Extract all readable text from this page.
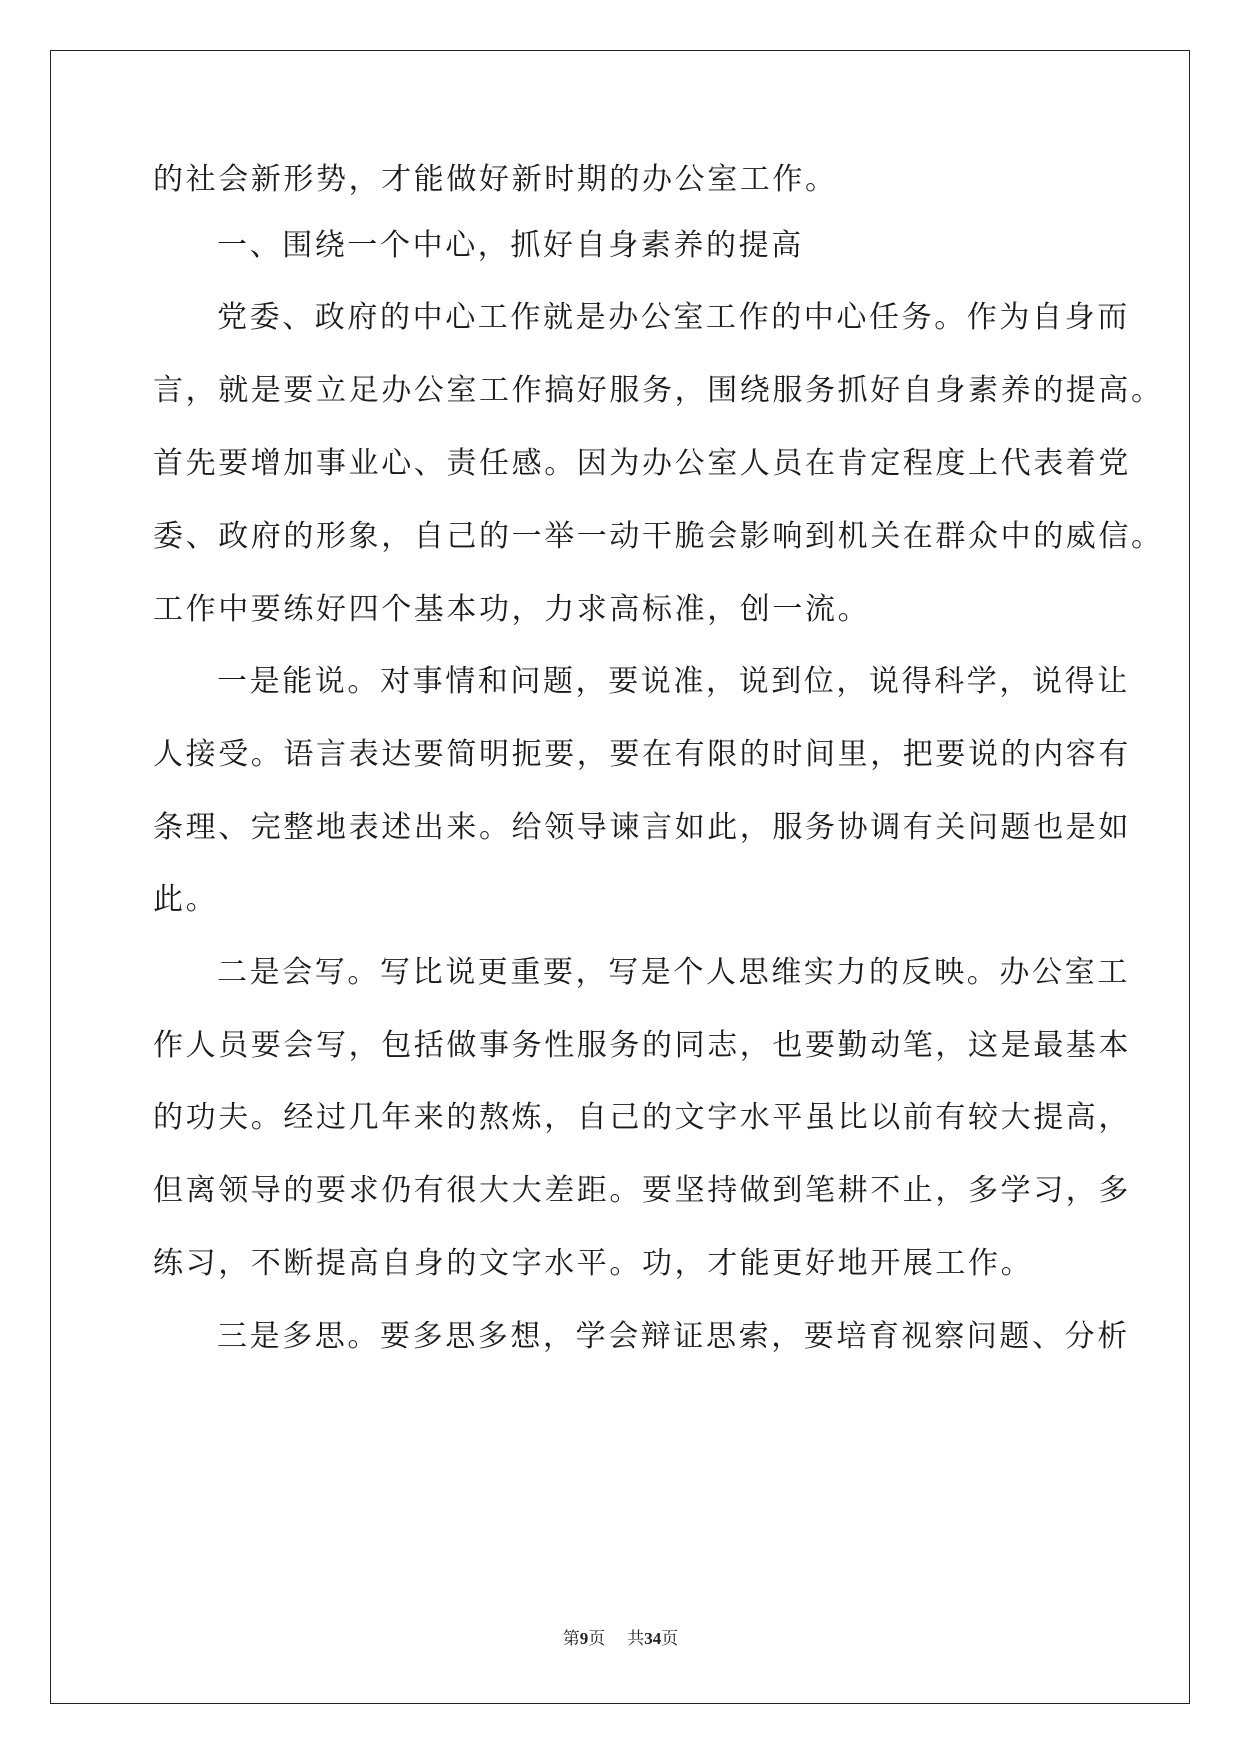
的社会新形势，才能做好新时期的办公室工作。
一、围绕一个中心，抓好自身素养的提高
党委、政府的中心工作就是办公室工作的中心任务。作为自身而
言，就是要立足办公室工作搞好服务，围绕服务抓好自身素养的提高。
首先要增加事业心、责任感。因为办公室人员在肯定程度上代表着党
委、政府的形象，自己的一举一动干脆会影响到机关在群众中的威信。
工作中要练好四个基本功，力求高标准，创一流。
一是能说。对事情和问题，要说准，说到位，说得科学，说得让
人接受。语言表达要简明扼要，要在有限的时间里，把要说的内容有
条理、完整地表述出来。给领导谏言如此，服务协调有关问题也是如
此。
二是会写。写比说更重要，写是个人思维实力的反映。办公室工
作人员要会写，包括做事务性服务的同志，也要勤动笔，这是最基本
的功夫。经过几年来的熬炼，自己的文字水平虽比以前有较大提高，
但离领导的要求仍有很大大差距。要坚持做到笔耕不止，多学习，多
练习，不断提高自身的文字水平。功，才能更好地开展工作。
三是多思。要多思多想，学会辩证思索，要培育视察问题、分析
第9页 共34页
